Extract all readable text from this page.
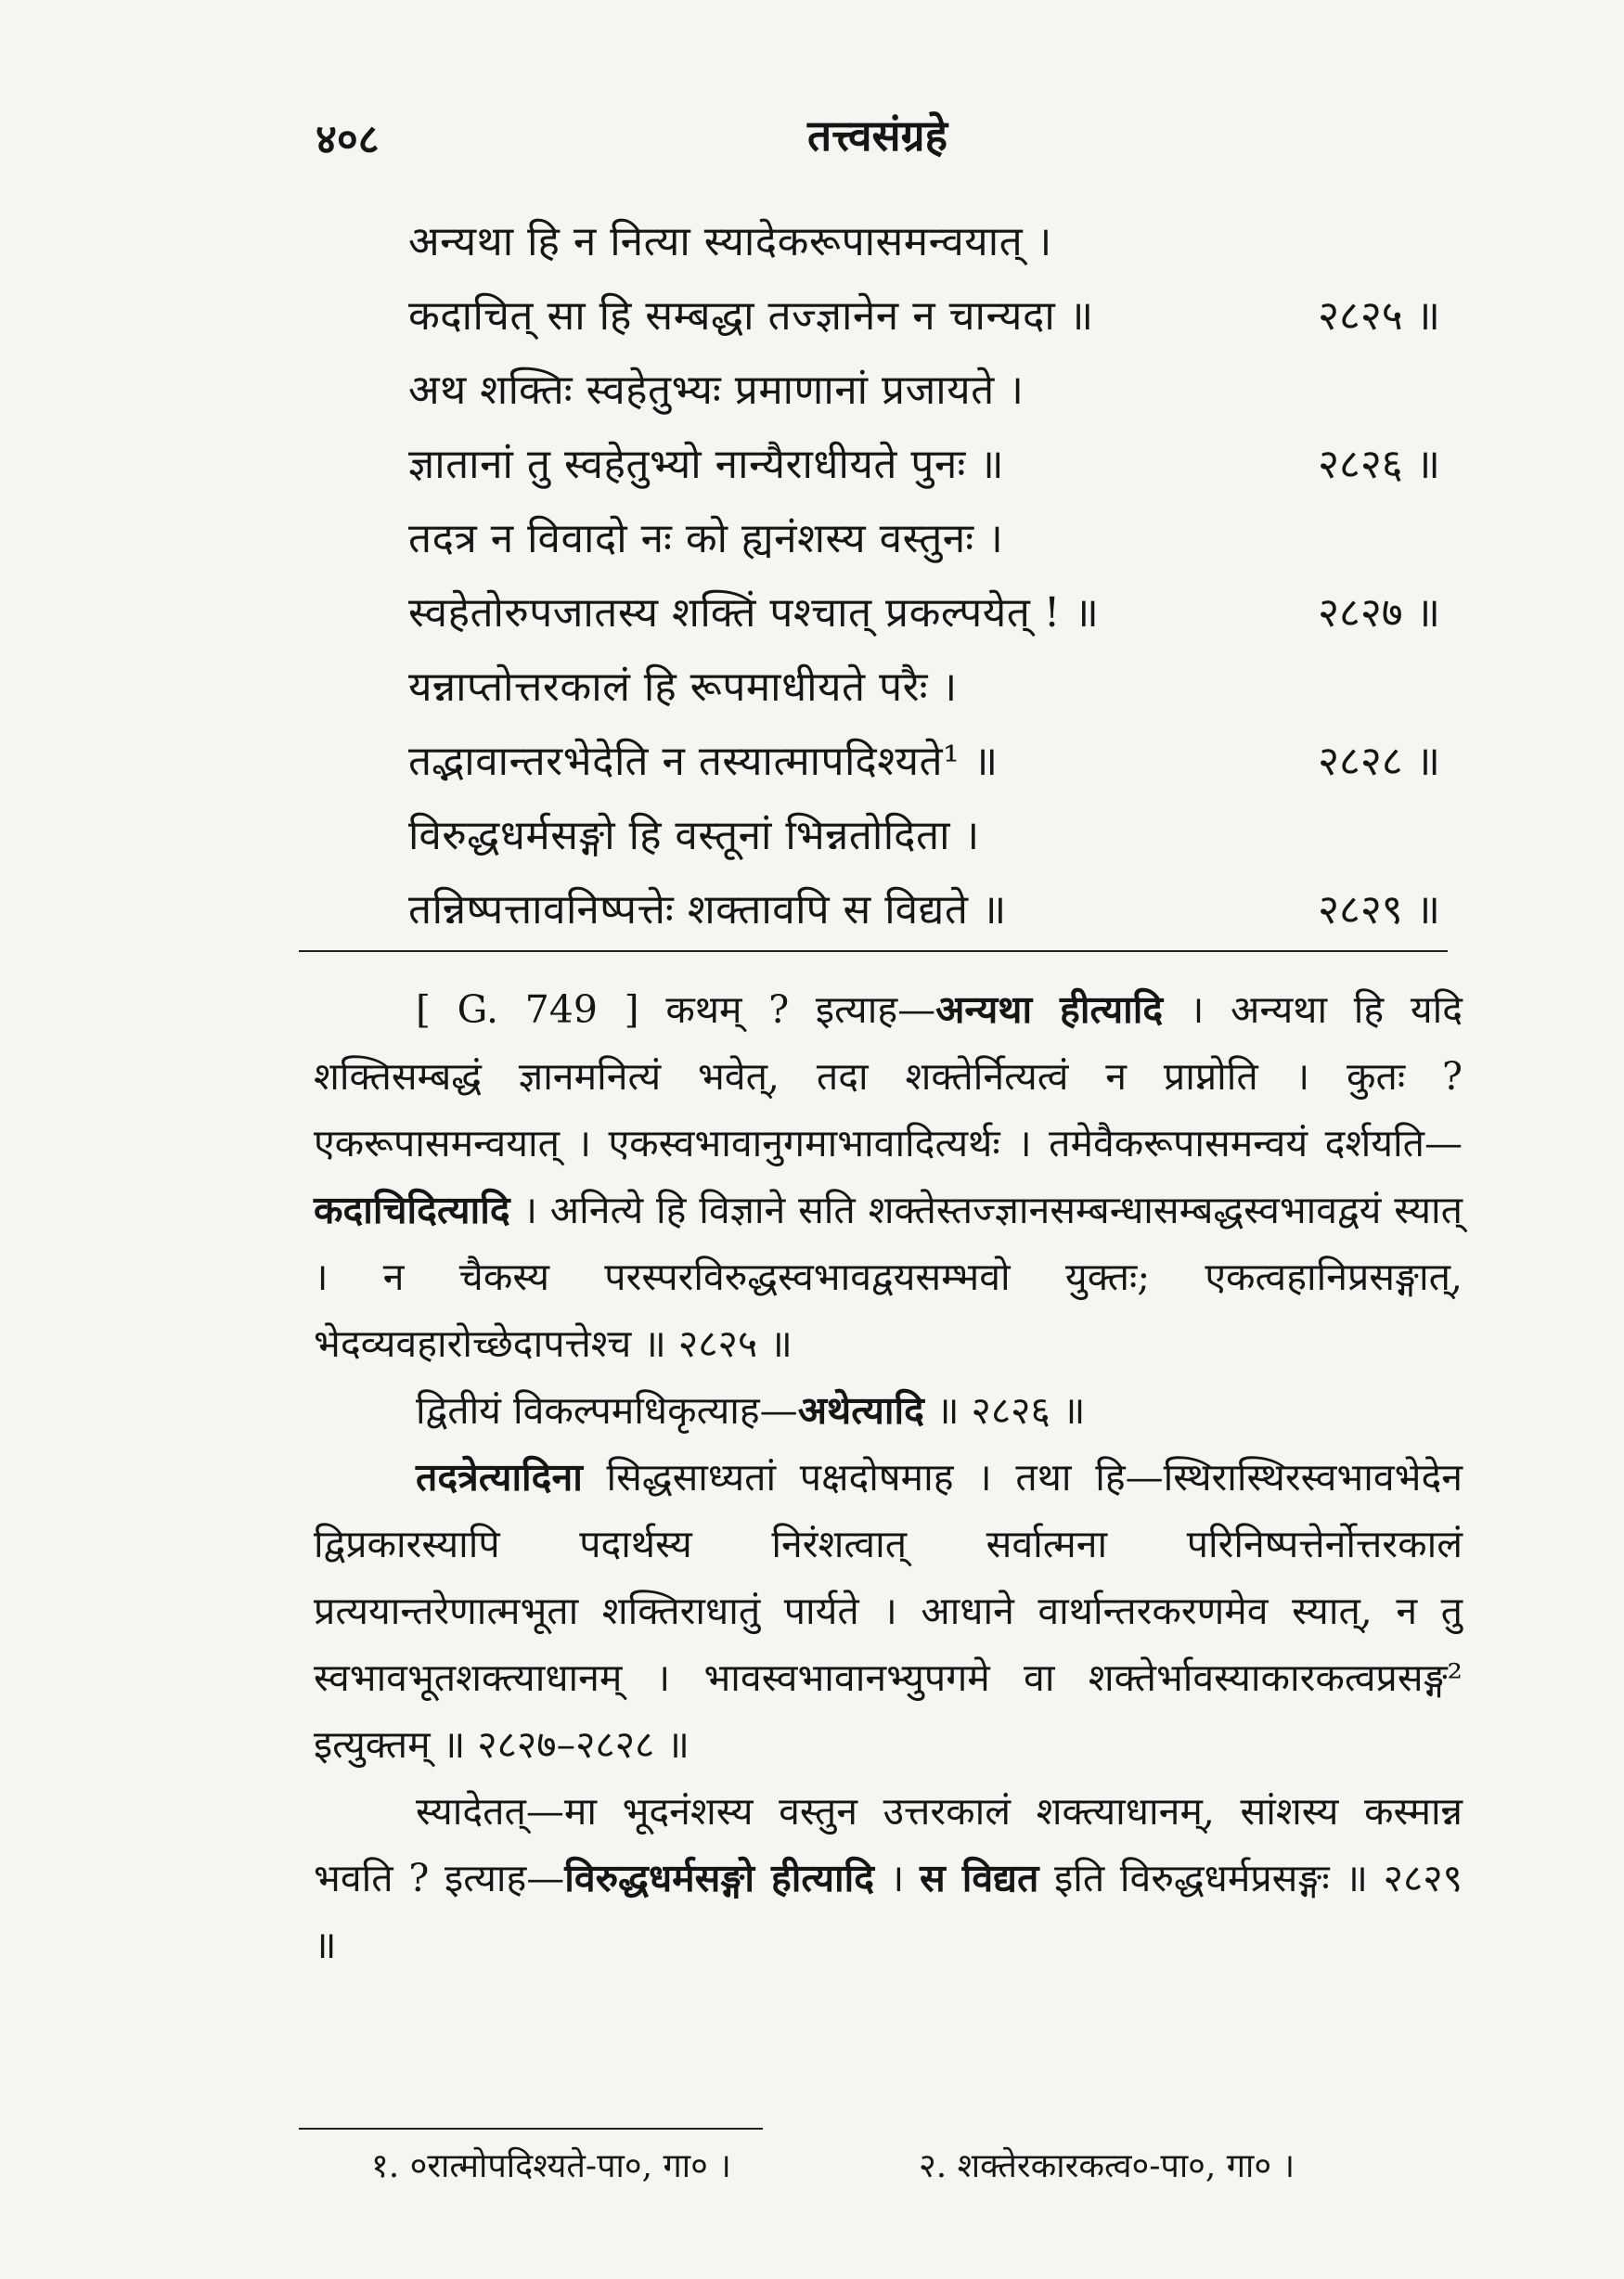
४०८	तत्त्वसंग्रहे
अन्यथा हि न नित्या स्यादेकरूपासमन्वयात् ।
कदाचित् सा हि सम्बद्धा तज्ज्ञानेन न चान्यदा ॥	२८२५ ॥
अथ शक्तिः स्वहेतुभ्यः प्रमाणानां प्रजायते ।
ज्ञातानां तु स्वहेतुभ्यो नान्यैराधीयते पुनः ॥	२८२६ ॥
तदत्र न विवादो नः को ह्यनंशस्य वस्तुनः ।
स्वहेतोरुपजातस्य शक्तिं पश्चात् प्रकल्पयेत् ! ॥	२८२७ ॥
यन्नाप्तोत्तरकालं हि रूपमाधीयते परैः ।
तद्भावान्तरभेदेति न तस्यात्मापदिश्यते¹ ॥	२८२८ ॥
विरुद्धधर्मसङ्गो हि वस्तूनां भिन्नतोदिता ।
तन्निष्पत्तावनिष्पत्तेः शक्तावपि स विद्यते ॥	२८२९ ॥

[ G. 749 ] कथम् ? इत्याह—अन्यथा हीत्यादि । अन्यथा हि यदि शक्तिसम्बद्धं ज्ञानमनित्यं भवेत्, तदा शक्तेर्नित्यत्वं न प्राप्नोति । कुतः ? एकरूपासमन्वयात् । एकस्वभावानुगमाभावादित्यर्थः । तमेवैकरूपासमन्वयं दर्शयति—कदाचिदित्यादि । अनित्ये हि विज्ञाने सति शक्तेस्तज्ज्ञानसम्बन्धासम्बद्धस्वभावद्वयं स्यात् । न चैकस्य परस्परविरुद्धस्वभावद्वयसम्भवो युक्तः; एकत्वहानिप्रसङ्गात्, भेदव्यवहारोच्छेदापत्तेश्च ॥ २८२५ ॥

द्वितीयं विकल्पमधिकृत्याह—अथेत्यादि ॥ २८२६ ॥

तदत्रेत्यादिना सिद्धसाध्यतां पक्षदोषमाह । तथा हि—स्थिरास्थिरस्वभावभेदेन द्विप्रकारस्यापि पदार्थस्य निरंशत्वात् सर्वात्मना परिनिष्पत्तेर्नोत्तरकालं प्रत्ययान्तरेणात्मभूता शक्तिराधातुं पार्यते । आधाने वार्थान्तरकरणमेव स्यात्, न तु स्वभावभूतशक्त्याधानम् । भावस्वभावानभ्युपगमे वा शक्तेर्भावस्याकारकत्वप्रसङ्ग² इत्युक्तम् ॥ २८२७–२८२८ ॥

स्यादेतत्—मा भूदनंशस्य वस्तुन उत्तरकालं शक्त्याधानम्, सांशस्य कस्मान्न भवति ? इत्याह—विरुद्धधर्मसङ्गो हीत्यादि । स विद्यत इति विरुद्धधर्मप्रसङ्गः ॥ २८२९ ॥

१. ०रात्मोपदिश्यते-पा०, गा० ।	२. शक्तेरकारकत्व०-पा०, गा० ।
